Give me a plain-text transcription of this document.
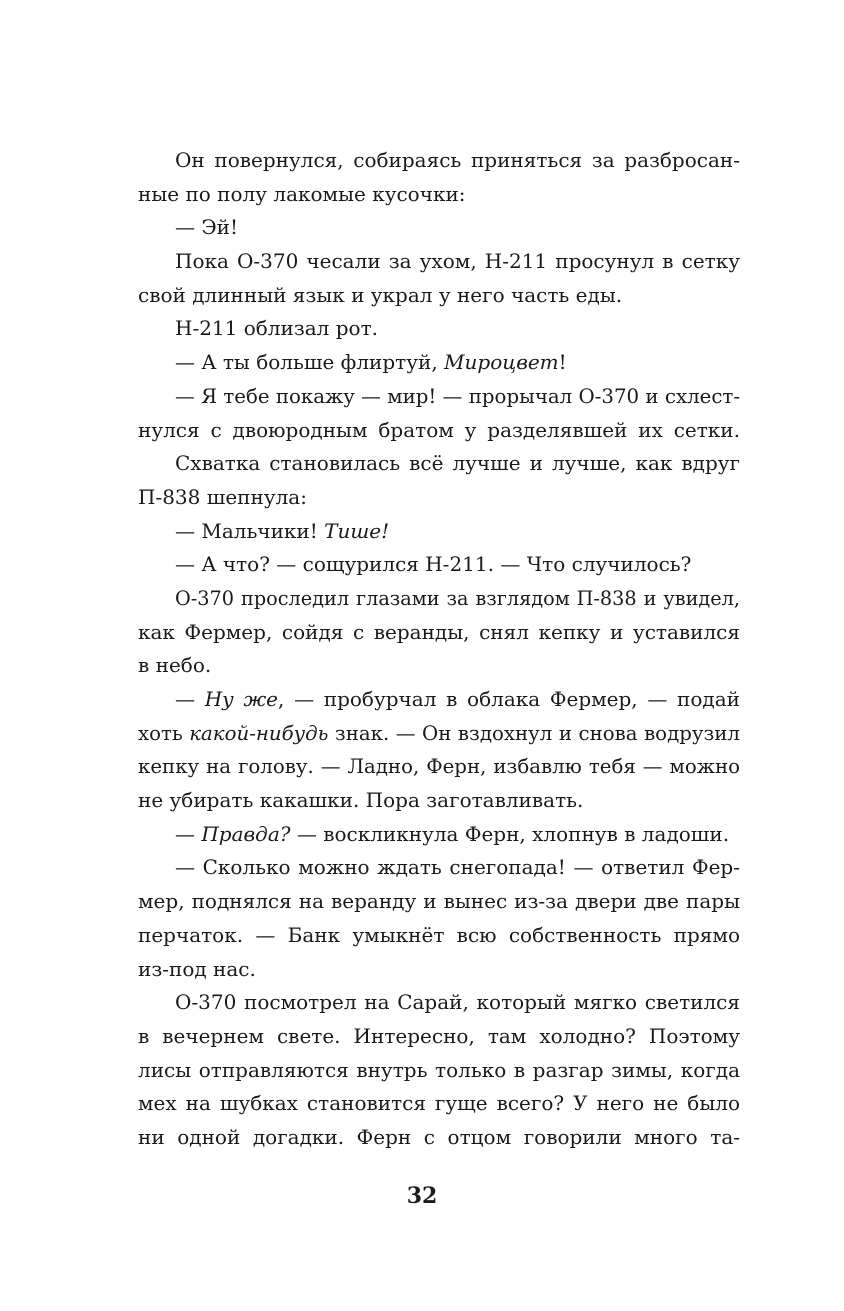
Он повернулся, собираясь приняться за разбросан-
ные по полу лакомые кусочки:
— Эй!
Пока О-370 чесали за ухом, Н-211 просунул в сетку
свой длинный язык и украл у него часть еды.
Н-211 облизал рот.
— А ты больше флиртуй, Мироцвет!
— Я тебе покажу — мир! — прорычал О-370 и схлест-
нулся с двоюродным братом у разделявшей их сетки.
Схватка становилась всё лучше и лучше, как вдруг
П-838 шепнула:
— Мальчики! Тише!
— А что? — сощурился Н-211. — Что случилось?
О-370 проследил глазами за взглядом П-838 и увидел,
как Фермер, сойдя с веранды, снял кепку и уставился
в небо.
— Ну же, — пробурчал в облака Фермер, — подай
хоть какой-нибудь знак. — Он вздохнул и снова водрузил
кепку на голову. — Ладно, Ферн, избавлю тебя — можно
не убирать какашки. Пора заготавливать.
— Правда? — воскликнула Ферн, хлопнув в ладоши.
— Сколько можно ждать снегопада! — ответил Фер-
мер, поднялся на веранду и вынес из-за двери две пары
перчаток. — Банк умыкнёт всю собственность прямо
из-под нас.
О-370 посмотрел на Сарай, который мягко светился
в вечернем свете. Интересно, там холодно? Поэтому
лисы отправляются внутрь только в разгар зимы, когда
мех на шубках становится гуще всего? У него не было
ни одной догадки. Ферн с отцом говорили много та-
32
